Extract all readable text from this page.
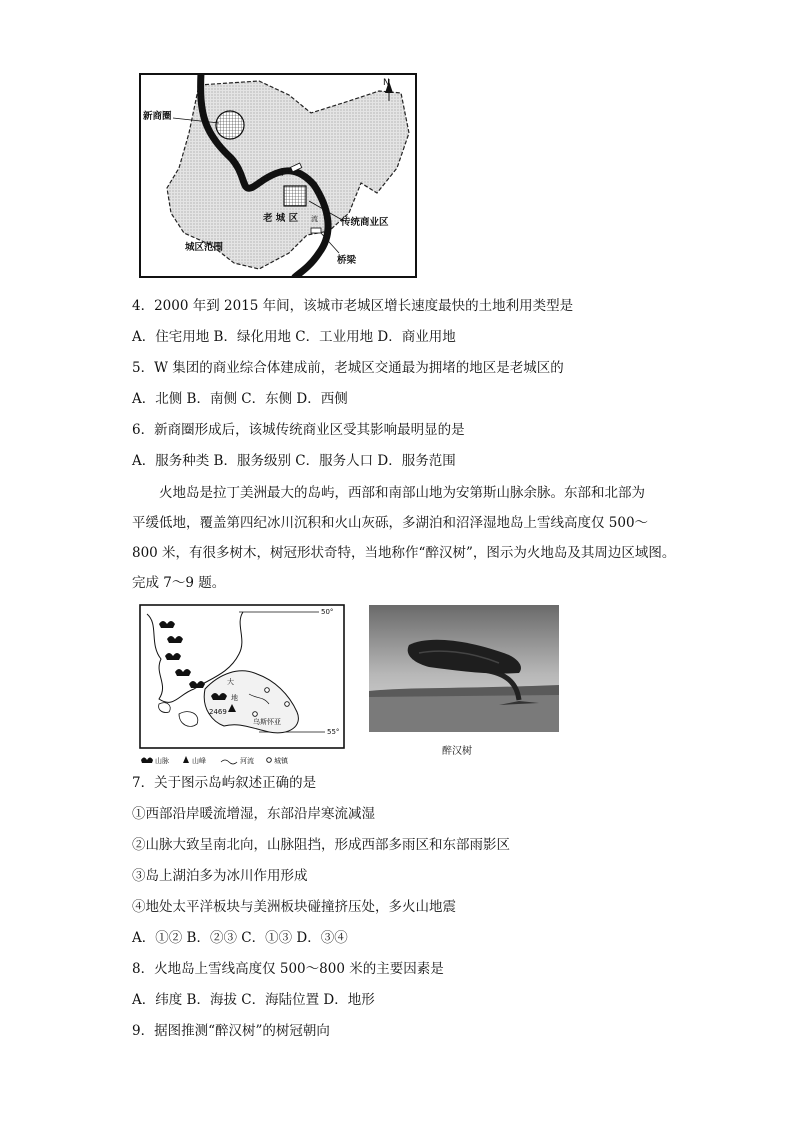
N
新商圈
老 城 区
河
流 传统商业区
城区范围
桥梁
4．2000 年到 2015 年间，该城市老城区增长速度最快的土地利用类型是
A．住宅用地 B．绿化用地 C．工业用地 D．商业用地
5．W 集团的商业综合体建成前，老城区交通最为拥堵的地区是老城区的
A．北侧 B．南侧 C．东侧 D．西侧
6．新商圈形成后，该城传统商业区受其影响最明显的是
A．服务种类 B．服务级别 C．服务人口 D．服务范围
火地岛是拉丁美洲最大的岛屿，西部和南部山地为安第斯山脉余脉。东部和北部为
平缓低地，覆盖第四纪冰川沉积和火山灰砾，多湖泊和沼泽湿地岛上雪线高度仅 500～
800 米，有很多树木，树冠形状奇特，当地称作“醉汉树”，图示为火地岛及其周边区域图。
完成 7～9 题。
50°
55°
2469
大
地
乌斯怀亚
山脉	山峰	河流	城镇
醉汉树
7．关于图示岛屿叙述正确的是
①西部沿岸暖流增湿，东部沿岸寒流减湿
②山脉大致呈南北向，山脉阻挡，形成西部多雨区和东部雨影区
③岛上湖泊多为冰川作用形成
④地处太平洋板块与美洲板块碰撞挤压处，多火山地震
A．①② B．②③ C．①③ D．③④
8．火地岛上雪线高度仅 500～800 米的主要因素是
A．纬度 B．海拔 C．海陆位置 D．地形
9．据图推测“醉汉树”的树冠朝向
